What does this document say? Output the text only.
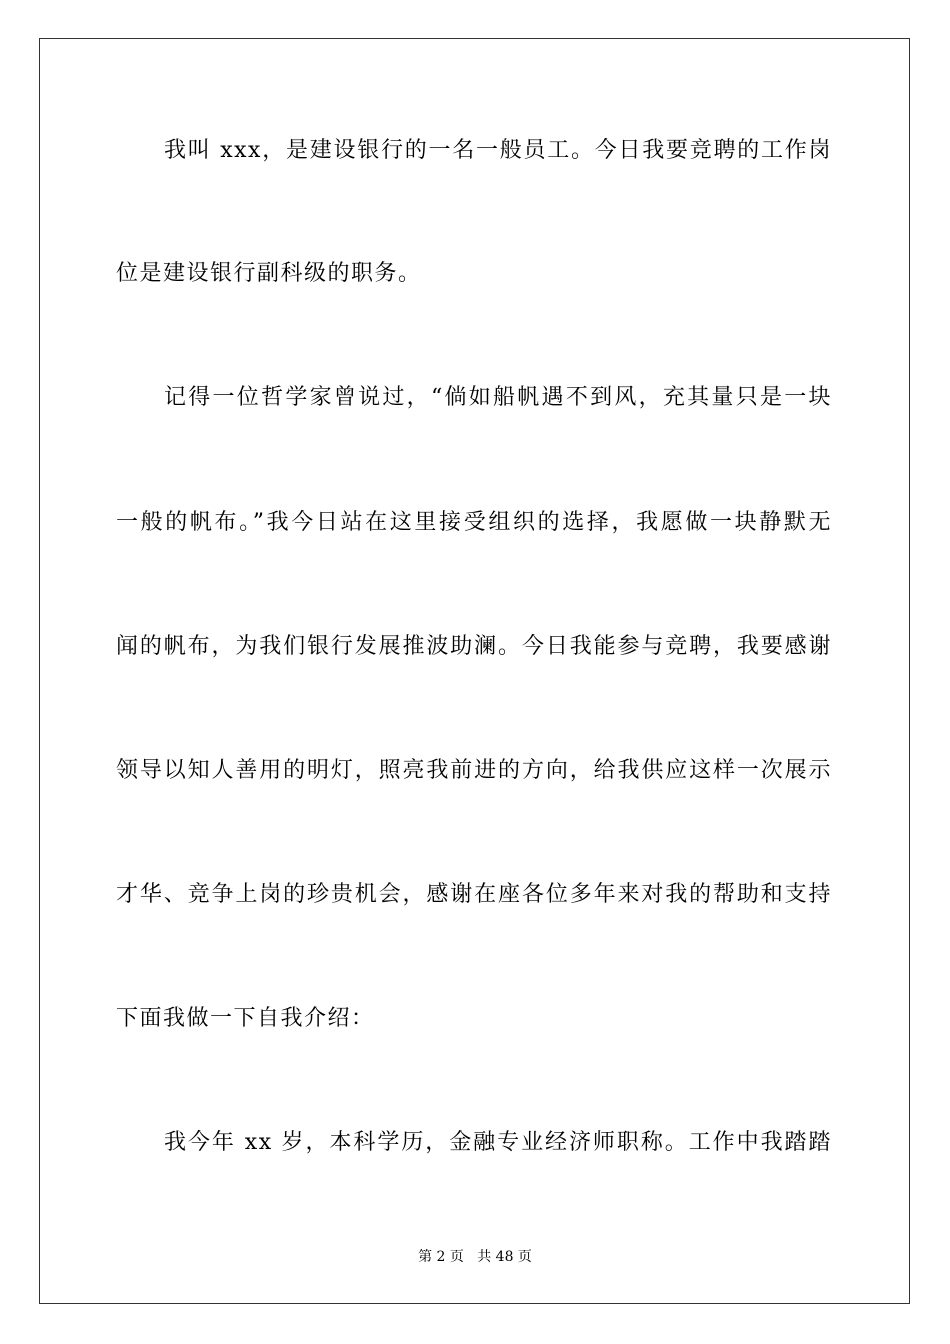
我叫 xxx，是建设银行的一名一般员工。今日我要竞聘的工作岗
位是建设银行副科级的职务。
记得一位哲学家曾说过，“倘如船帆遇不到风，充其量只是一块
一般的帆布。”我今日站在这里接受组织的选择，我愿做一块静默无
闻的帆布，为我们银行发展推波助澜。今日我能参与竞聘，我要感谢
领导以知人善用的明灯，照亮我前进的方向，给我供应这样一次展示
才华、竞争上岗的珍贵机会，感谢在座各位多年来对我的帮助和支持
下面我做一下自我介绍：
我今年 xx 岁，本科学历，金融专业经济师职称。工作中我踏踏
第 2 页   共 48 页
